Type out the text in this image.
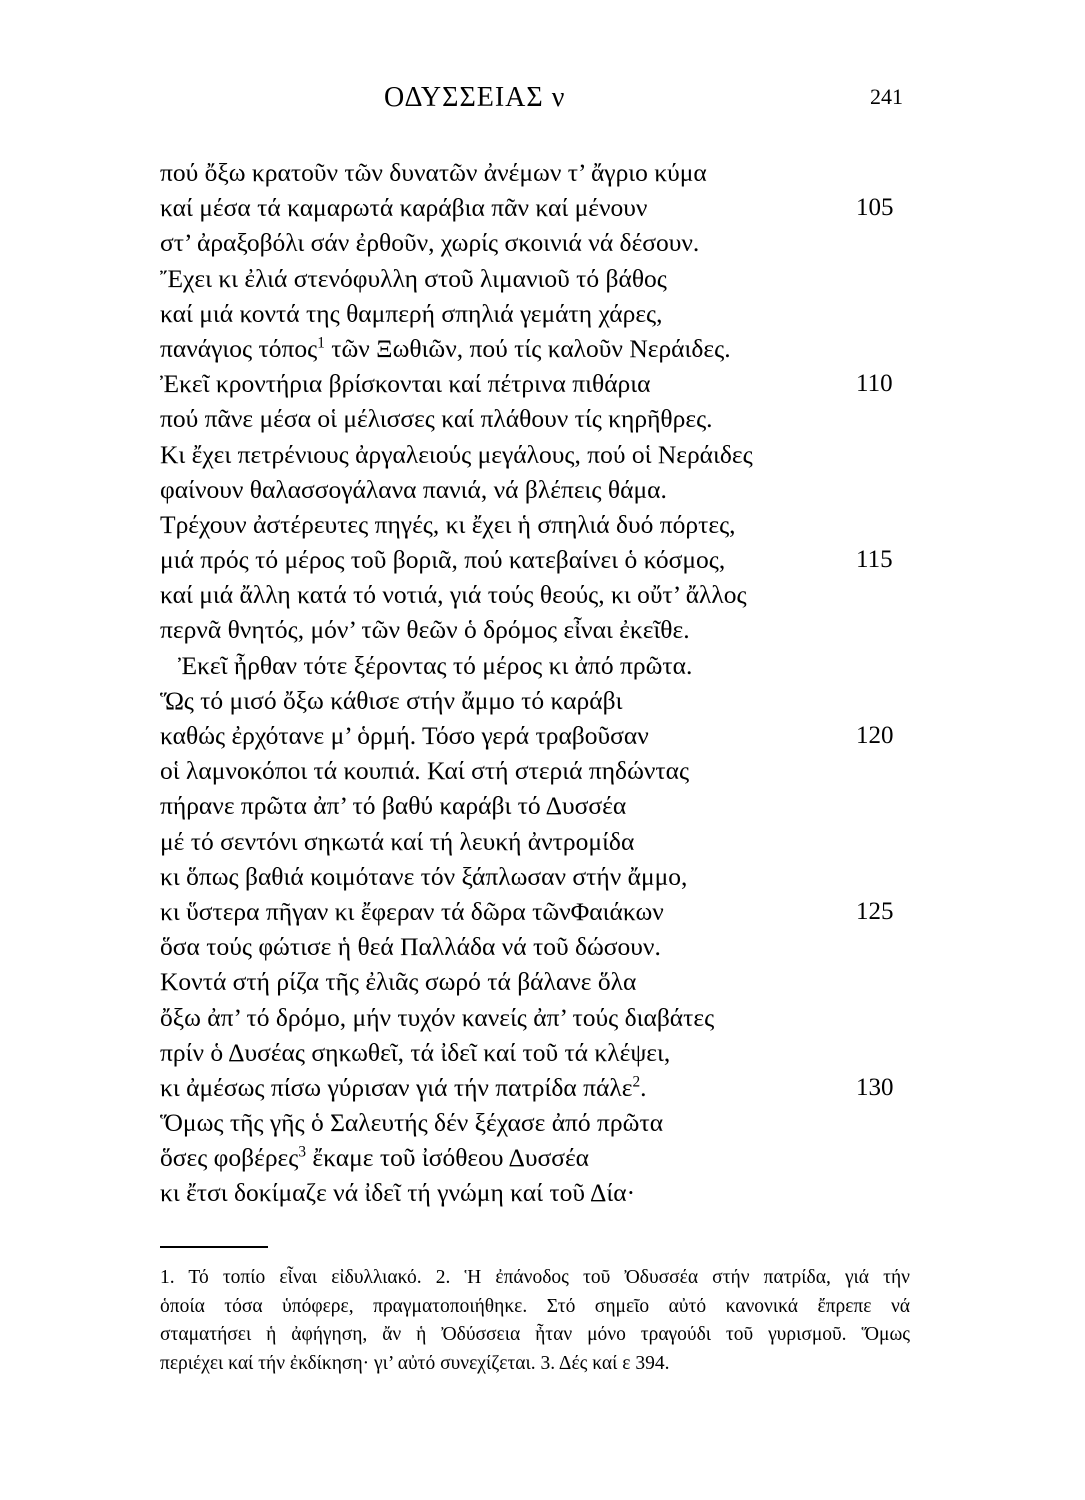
ΟΔΥΣΣΕΙΑΣ ν	241
πού ὄξω κρατοῦν τῶν δυνατῶν ἀνέμων τ’ ἄγριο κύμα
καί μέσα τά καμαρωτά καράβια πᾶν καί μένουν	105
στ’ ἀραξοβόλι σάν ἐρθοῦν, χωρίς σκοινιά νά δέσουν.
Ἔχει κι ἐλιά στενόφυλλη στοῦ λιμανιοῦ τό βάθος
καί μιά κοντά της θαμπερή σπηλιά γεμάτη χάρες,
πανάγιος τόπος$^1$ τῶν Ξωθιῶν, πού τίς καλοῦν Νεράιδες.
Ἐκεῖ κροντήρια βρίσκονται καί πέτρινα πιθάρια	110
πού πᾶνε μέσα οἱ μέλισσες καί πλάθουν τίς κηρῆθρες.
Κι ἔχει πετρένιους ἀργαλειούς μεγάλους, πού οἱ Νεράιδες
φαίνουν θαλασσογάλανα πανιά, νά βλέπεις θάμα.
Τρέχουν ἀστέρευτες πηγές, κι ἔχει ἡ σπηλιά δυό πόρτες,
μιά πρός τό μέρος τοῦ βοριᾶ, πού κατεβαίνει ὁ κόσμος,	115
καί μιά ἄλλη κατά τό νοτιά, γιά τούς θεούς, κι οὔτ’ ἄλλος
περνᾶ θνητός, μόν’ τῶν θεῶν ὁ δρόμος εἶναι ἐκεῖθε.
Ἐκεῖ ἦρθαν τότε ξέροντας τό μέρος κι ἀπό πρῶτα.
Ὥς τό μισό ὄξω κάθισε στήν ἄμμο τό καράβι
καθώς ἐρχότανε μ’ ὁρμή. Τόσο γερά τραβοῦσαν	120
οἱ λαμνοκόποι τά κουπιά. Καί στή στεριά πηδώντας
πήρανε πρῶτα ἀπ’ τό βαθύ καράβι τό Δυσσέα
μέ τό σεντόνι σηκωτά καί τή λευκή ἀντρομίδα
κι ὅπως βαθιά κοιμότανε τόν ξάπλωσαν στήν ἄμμο,
κι ὕστερα πῆγαν κι ἔφεραν τά δῶρα τῶνΦαιάκων	125
ὅσα τούς φώτισε ἡ θεά Παλλάδα νά τοῦ δώσουν.
Κοντά στή ρίζα τῆς ἐλιᾶς σωρό τά βάλανε ὅλα
ὄξω ἀπ’ τό δρόμο, μήν τυχόν κανείς ἀπ’ τούς διαβάτες
πρίν ὁ Δυσέας σηκωθεῖ, τά ἰδεῖ καί τοῦ τά κλέψει,
κι ἀμέσως πίσω γύρισαν γιά τήν πατρίδα πάλε$^2$.	130
Ὅμως τῆς γῆς ὁ Σαλευτής δέν ξέχασε ἀπό πρῶτα
ὅσες φοβέρες$^3$ ἔκαμε τοῦ ἰσόθεου Δυσσέα
κι ἔτσι δοκίμαζε νά ἰδεῖ τή γνώμη καί τοῦ Δία·
1. Τό τοπίο εἶναι εἰδυλλιακό. 2. Ἡ ἐπάνοδος τοῦ Ὀδυσσέα στήν πατρίδα, γιά τήν
ὁποία τόσα ὑπόφερε, πραγματοποιήθηκε. Στό σημεῖο αὐτό κανονικά ἔπρεπε νά
σταματήσει ἡ ἀφήγηση, ἄν ἡ Ὀδύσσεια ἦταν μόνο τραγούδι τοῦ γυρισμοῦ. Ὅμως
περιέχει καί τήν ἐκδίκηση· γι’ αὐτό συνεχίζεται. 3. Δές καί ε 394.
